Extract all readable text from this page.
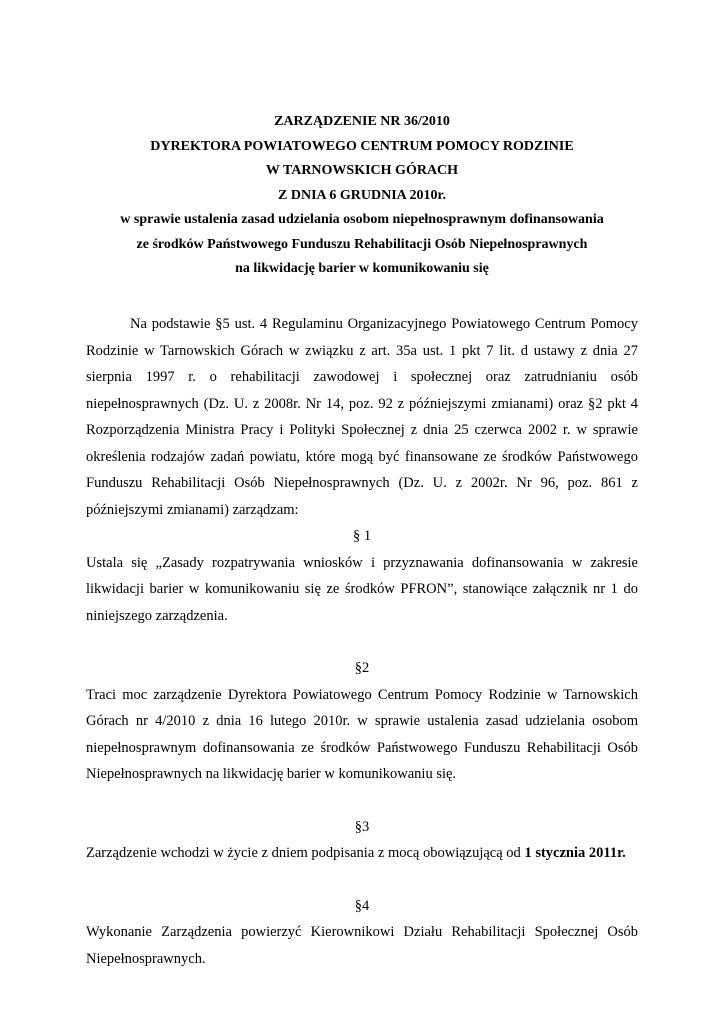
ZARZĄDZENIE NR 36/2010
DYREKTORA POWIATOWEGO CENTRUM POMOCY RODZINIE
W TARNOWSKICH GÓRACH
Z DNIA 6 GRUDNIA 2010r.
w sprawie ustalenia zasad udzielania osobom niepełnosprawnym dofinansowania
ze środków Państwowego Funduszu Rehabilitacji Osób Niepełnosprawnych
na likwidację barier w komunikowaniu się

Na podstawie §5 ust. 4 Regulaminu Organizacyjnego Powiatowego Centrum Pomocy Rodzinie w Tarnowskich Górach w związku z art. 35a ust. 1 pkt 7 lit. d ustawy z dnia 27 sierpnia 1997 r. o rehabilitacji zawodowej i społecznej oraz zatrudnianiu osób niepełnosprawnych (Dz. U. z 2008r. Nr 14, poz. 92 z późniejszymi zmianami) oraz §2 pkt 4 Rozporządzenia Ministra Pracy i Polityki Społecznej z dnia 25 czerwca 2002 r. w sprawie określenia rodzajów zadań powiatu, które mogą być finansowane ze środków Państwowego Funduszu Rehabilitacji Osób Niepełnosprawnych (Dz. U. z 2002r. Nr 96, poz. 861 z późniejszymi zmianami) zarządzam:

§ 1

Ustala się „Zasady rozpatrywania wniosków i przyznawania dofinansowania w zakresie likwidacji barier w komunikowaniu się ze środków PFRON”, stanowiące załącznik nr 1 do niniejszego zarządzenia.

§2

Traci moc zarządzenie Dyrektora Powiatowego Centrum Pomocy Rodzinie w Tarnowskich Górach nr 4/2010 z dnia 16 lutego 2010r. w sprawie ustalenia zasad udzielania osobom niepełnosprawnym dofinansowania ze środków Państwowego Funduszu Rehabilitacji Osób Niepełnosprawnych na likwidację barier w komunikowaniu się.

§3

Zarządzenie wchodzi w życie z dniem podpisania z mocą obowiązującą od 1 stycznia 2011r.

§4

Wykonanie Zarządzenia powierzyć Kierownikowi Działu Rehabilitacji Społecznej Osób Niepełnosprawnych.
